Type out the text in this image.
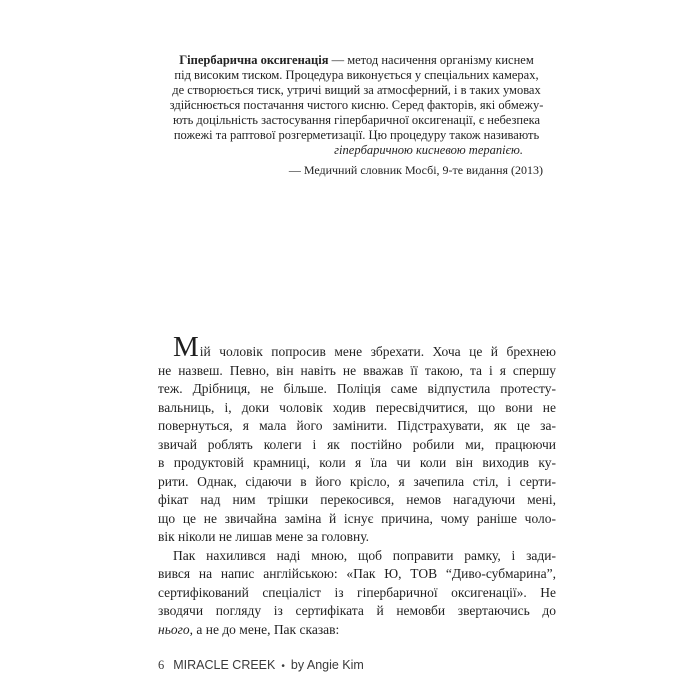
Гіпербарична оксигенація — метод насичення організму киснем
під високим тиском. Процедура виконується у спеціальних камерах,
де створюється тиск, утричі вищий за атмосферний, і в таких умовах
здійснюється постачання чистого кисню. Серед факторів, які обмежу-
ють доцільність застосування гіпербаричної оксигенації, є небезпека
пожежі та раптової розгерметизації. Цю процедуру також називають
гіпербаричною кисневою терапією.
— Медичний словник Мосбі, 9-те видання (2013)
Мій чоловік попросив мене збрехати. Хоча це й брехнею
не назвеш. Певно, він навіть не вважав її такою, та і я спершу
теж. Дрібниця, не більше. Поліція саме відпустила протесту-
вальниць, і, доки чоловік ходив пересвідчитися, що вони не
повернуться, я мала його замінити. Підстрахувати, як це за-
звичай роблять колеги і як постійно робили ми, працюючи
в продуктовій крамниці, коли я їла чи коли він виходив ку-
рити. Однак, сідаючи в його крісло, я зачепила стіл, і серти-
фікат над ним трішки перекосився, немов нагадуючи мені,
що це не звичайна заміна й існує причина, чому раніше чоло-
вік ніколи не лишав мене за головну.
Пак нахилився наді мною, щоб поправити рамку, і зади-
вився на напис англійською: «Пак Ю, ТОВ “Диво-субмарина”,
сертифікований спеціаліст із гіпербаричної оксигенації». Не
зводячи погляду із сертифіката й немовби звертаючись до
нього, а не до мене, Пак сказав:
6 MIRACLE CREEK • by Angie Kim
